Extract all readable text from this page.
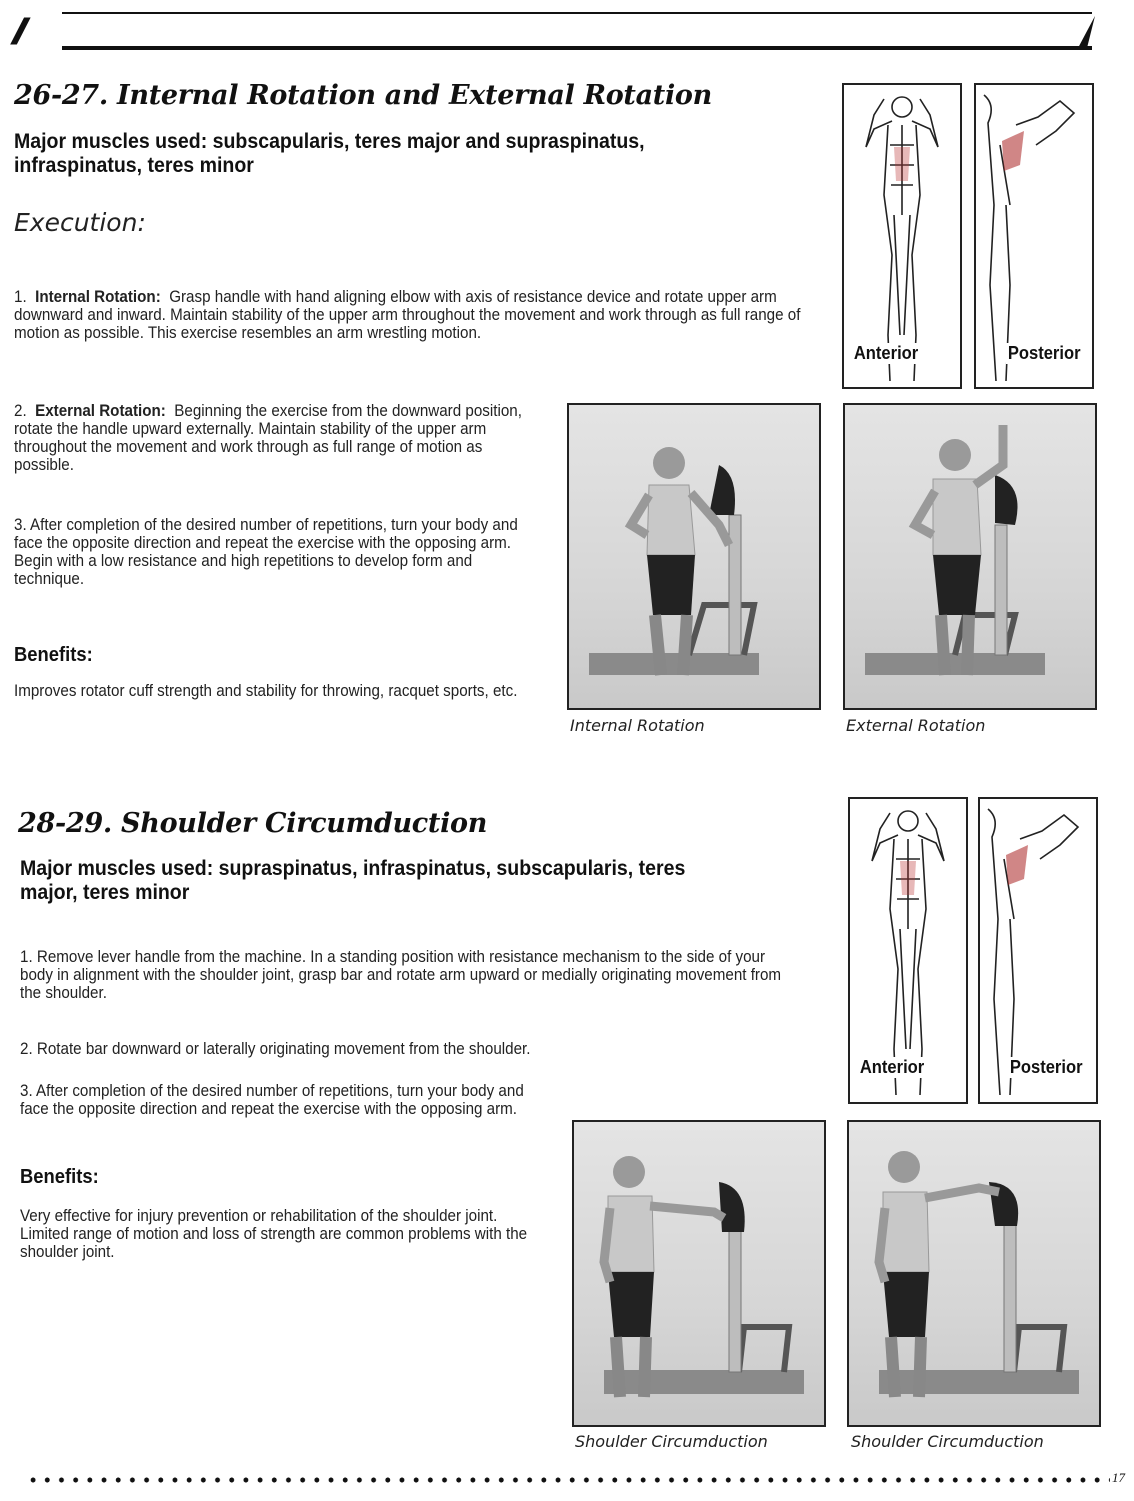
/////
26-27. Internal Rotation and External Rotation
Major muscles used: subscapularis, teres major and supraspinatus,
infraspinatus, teres minor
Execution:

1. Internal Rotation: Grasp handle with hand aligning elbow with axis of resistance device and rotate upper arm downward and inward. Maintain stability of the upper arm throughout the movement and work through as full range of motion as possible. This exercise resembles an arm wrestling motion.

2. External Rotation: Beginning the exercise from the downward position, rotate the handle upward externally. Maintain stability of the upper arm throughout the movement and work through as full range of motion as possible.

3. After completion of the desired number of repetitions, turn your body and face the opposite direction and repeat the exercise with the opposing arm. Begin with a low resistance and high repetitions to develop form and technique.

Benefits:

Improves rotator cuff strength and stability for throwing, racquet sports, etc.

Anterior	Posterior
Internal Rotation	External Rotation
28-29. Shoulder Circumduction
Major muscles used: supraspinatus, infraspinatus, subscapularis, teres
major, teres minor

1. Remove lever handle from the machine. In a standing position with resistance mechanism to the side of your body in alignment with the shoulder joint, grasp bar and rotate arm upward or medially originating movement from the shoulder.

2. Rotate bar downward or laterally originating movement from the shoulder.

3. After completion of the desired number of repetitions, turn your body and face the opposite direction and repeat the exercise with the opposing arm.

Benefits:

Very effective for injury prevention or rehabilitation of the shoulder joint. Limited range of motion and loss of strength are common problems with the shoulder joint.

Anterior	Posterior
Shoulder Circumduction	Shoulder Circumduction
17
